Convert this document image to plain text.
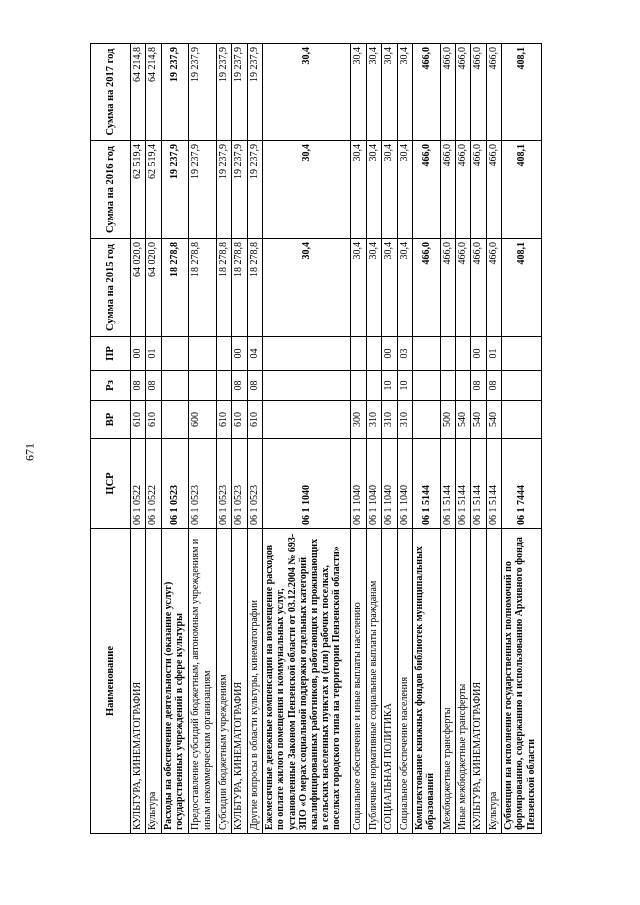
671
Наименование	ЦСР	ВР	Рз	ПР	Сумма на 2015 год	Сумма на 2016 год	Сумма на 2017 год
КУЛЬТУРА, КИНЕМАТОГРАФИЯ	06 1 0522	610	08	00	64 020,0	62 519,4	64 214,8
Культура	06 1 0522	610	08	01	64 020,0	62 519,4	64 214,8
Расходы на обеспечение деятельности (оказание услуг) государственных учреждений в сфере культуры	06 1 0523				18 278,8	19 237,9	19 237,9
Предоставление субсидий бюджетным, автономным учреждениям и иным некоммерческим организациям	06 1 0523	600			18 278,8	19 237,9	19 237,9
Субсидии бюджетным учреждениям	06 1 0523	610			18 278,8	19 237,9	19 237,9
КУЛЬТУРА, КИНЕМАТОГРАФИЯ	06 1 0523	610	08	00	18 278,8	19 237,9	19 237,9
Другие вопросы в области культуры, кинематографии	06 1 0523	610	08	04	18 278,8	19 237,9	19 237,9
Ежемесячные денежные компенсации на возмещение расходов по оплате жилого помещения и коммунальных услуг, установленные Законом Пензенской области от 03.12.2004 № 693-ЗПО «О мерах социальной поддержки отдельных категорий квалифицированных работников, работающих и проживающих в сельских населенных пунктах и (или) рабочих поселках, поселках городского типа на территории Пензенской области»	06 1 1040				30,4	30,4	30,4
Социальное обеспечение и иные выплаты населению	06 1 1040	300			30,4	30,4	30,4
Публичные нормативные социальные выплаты гражданам	06 1 1040	310			30,4	30,4	30,4
СОЦИАЛЬНАЯ ПОЛИТИКА	06 1 1040	310	10	00	30,4	30,4	30,4
Социальное обеспечение населения	06 1 1040	310	10	03	30,4	30,4	30,4
Комплектование книжных фондов библиотек муниципальных образований	06 1 5144				466,0	466,0	466,0
Межбюджетные трансферты	06 1 5144	500			466,0	466,0	466,0
Иные межбюджетные трансферты	06 1 5144	540			466,0	466,0	466,0
КУЛЬТУРА, КИНЕМАТОГРАФИЯ	06 1 5144	540	08	00	466,0	466,0	466,0
Культура	06 1 5144	540	08	01	466,0	466,0	466,0
Субвенции на исполнение государственных полномочий по формированию, содержанию и использованию Архивного фонда Пензенской области	06 1 7444				408,1	408,1	408,1
